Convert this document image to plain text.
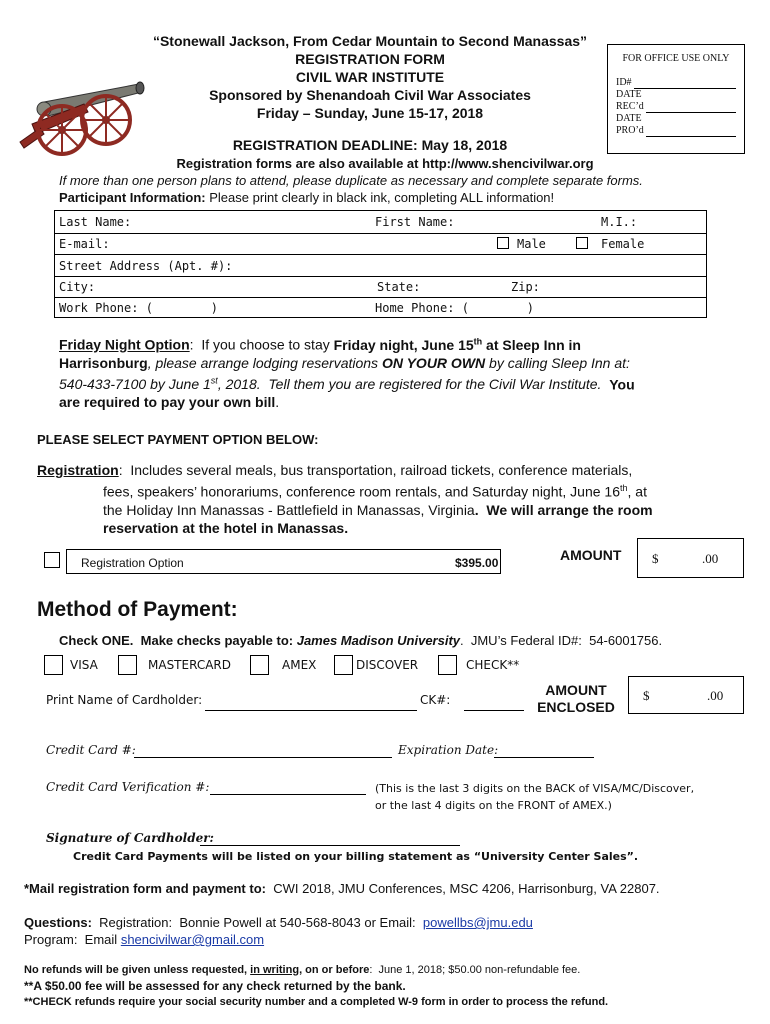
“Stonewall Jackson, From Cedar Mountain to Second Manassas”
REGISTRATION FORM
CIVIL WAR INSTITUTE
Sponsored by Shenandoah Civil War Associates
Friday – Sunday, June 15-17, 2018
REGISTRATION DEADLINE: May 18, 2018
FOR OFFICE USE ONLY
ID#
DATE
REC’d
DATE
PRO’d
Registration forms are also available at http://www.shencivilwar.org
If more than one person plans to attend, please duplicate as necessary and complete separate forms.
Participant Information: Please print clearly in black ink, completing ALL information!
Last Name:	First Name:	M.I.:
E-mail:	Male	Female
Street Address (Apt. #):
City:	State:	Zip:
Work Phone: (        )	Home Phone: (        )
Friday Night Option:  If you choose to stay Friday night, June 15th at Sleep Inn in
Harrisonburg, please arrange lodging reservations ON YOUR OWN by calling Sleep Inn at:
540-433-7100 by June 1st, 2018.  Tell them you are registered for the Civil War Institute.  You
are required to pay your own bill.
PLEASE SELECT PAYMENT OPTION BELOW:
Registration:  Includes several meals, bus transportation, railroad tickets, conference materials,
fees, speakers’ honorariums, conference room rentals, and Saturday night, June 16th, at
the Holiday Inn Manassas - Battlefield in Manassas, Virginia.  We will arrange the room
reservation at the hotel in Manassas.
Registration Option	$395.00	AMOUNT $	.00
Method of Payment:
Check ONE.  Make checks payable to: James Madison University.  JMU’s Federal ID#:  54-6001756.
VISA	MASTERCARD	AMEX	DISCOVER	CHECK**
Print Name of Cardholder:	CK#:
AMOUNT
ENCLOSED
$	.00
Credit Card #:	Expiration Date:
Credit Card Verification #:	(This is the last 3 digits on the BACK of VISA/MC/Discover,
or the last 4 digits on the FRONT of AMEX.)
Signature of Cardholder:
Credit Card Payments will be listed on your billing statement as “University Center Sales”.
*Mail registration form and payment to:  CWI 2018, JMU Conferences, MSC 4206, Harrisonburg, VA 22807.
Questions:  Registration:  Bonnie Powell at 540-568-8043 or Email:  powellbs@jmu.edu
Program:  Email shencivilwar@gmail.com
No refunds will be given unless requested, in writing, on or before:  June 1, 2018; $50.00 non-refundable fee.
**A $50.00 fee will be assessed for any check returned by the bank.
**CHECK refunds require your social security number and a completed W-9 form in order to process the refund.
